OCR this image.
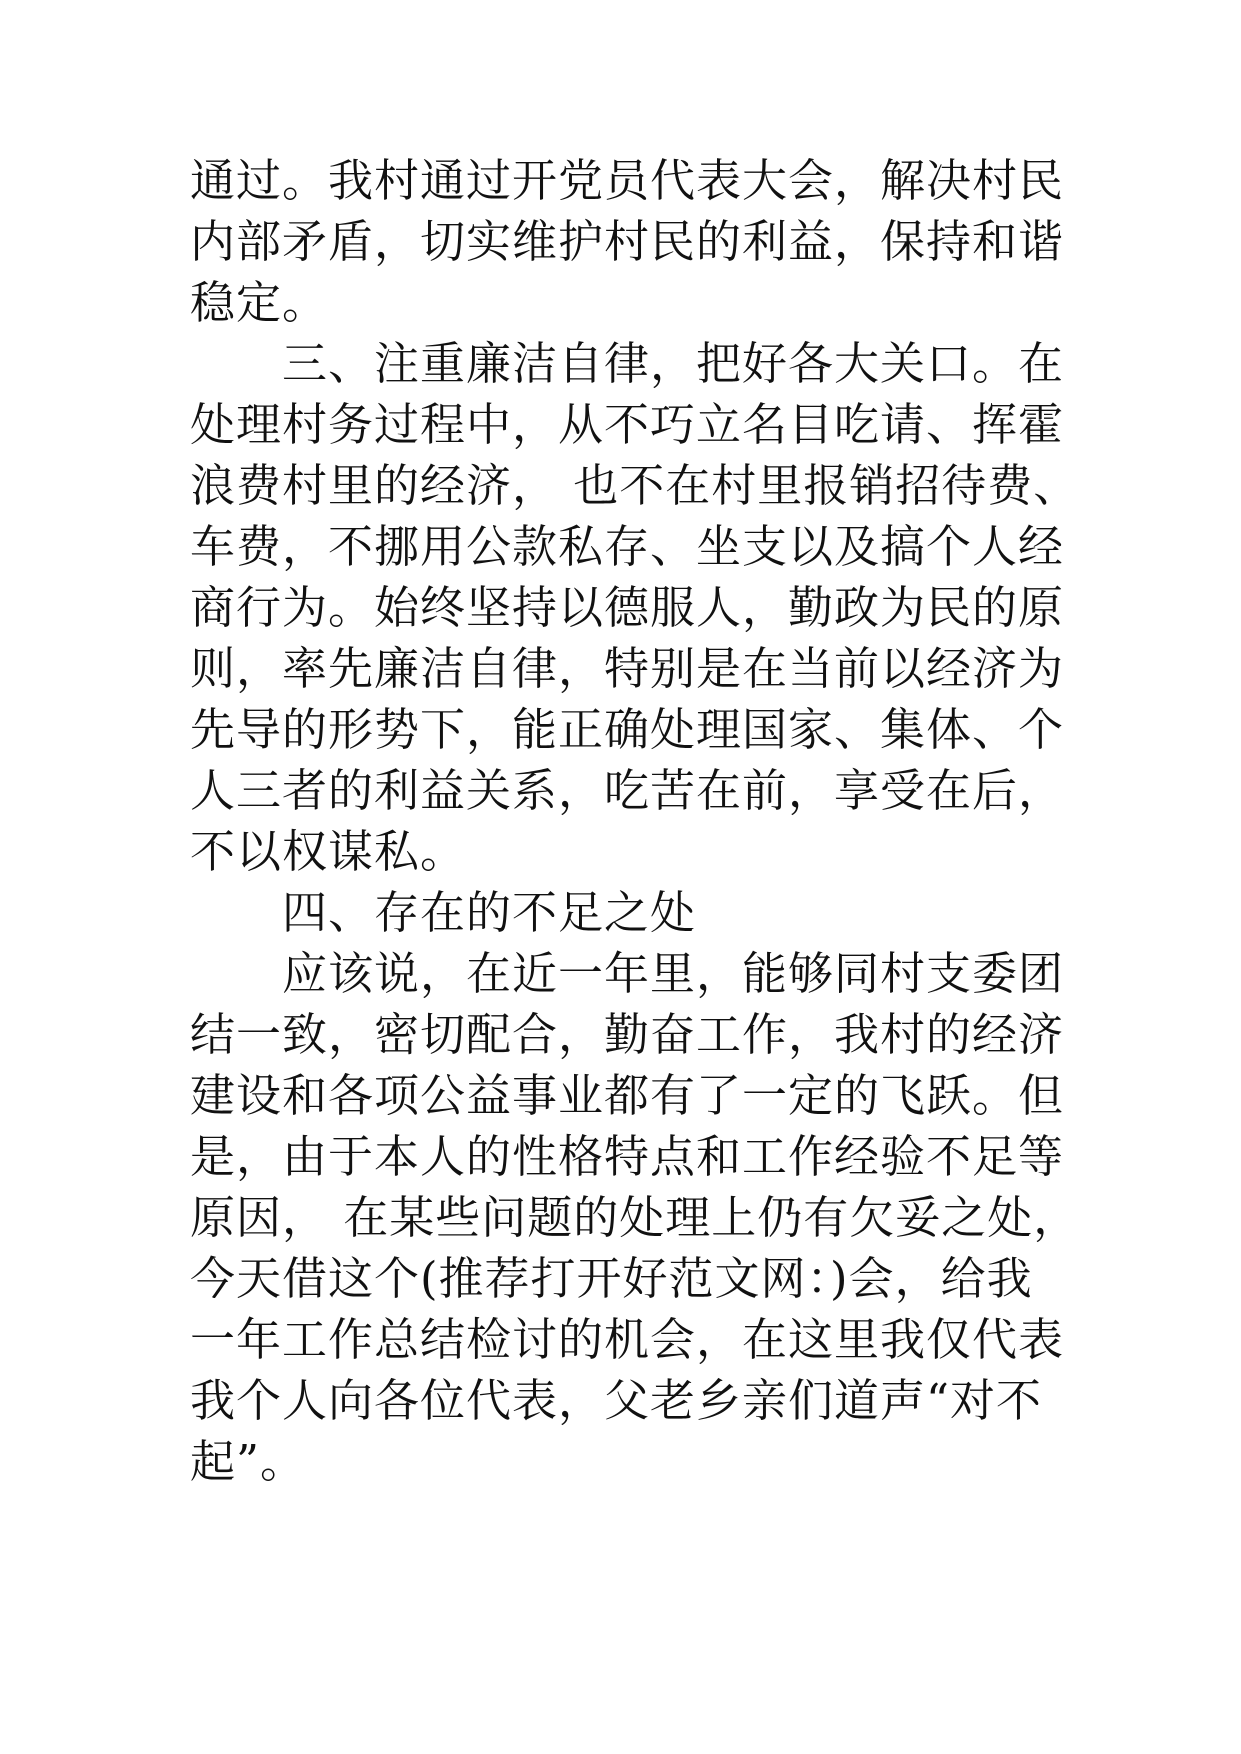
通过。我村通过开党员代表大会，解决村民
内部矛盾，切实维护村民的利益，保持和谐
稳定。
　　三、注重廉洁自律，把好各大关口。在
处理村务过程中，从不巧立名目吃请、挥霍
浪费村里的经济， 也不在村里报销招待费、
车费，不挪用公款私存、坐支以及搞个人经
商行为。始终坚持以德服人，勤政为民的原
则，率先廉洁自律，特别是在当前以经济为
先导的形势下，能正确处理国家、集体、个
人三者的利益关系，吃苦在前，享受在后，
不以权谋私。
　　四、存在的不足之处
　　应该说，在近一年里，能够同村支委团
结一致，密切配合，勤奋工作，我村的经济
建设和各项公益事业都有了一定的飞跃。但
是，由于本人的性格特点和工作经验不足等
原因， 在某些问题的处理上仍有欠妥之处，
今天借这个(推荐打开好范文网：)会，给我
一年工作总结检讨的机会，在这里我仅代表
我个人向各位代表，父老乡亲们道声“对不
起”。
